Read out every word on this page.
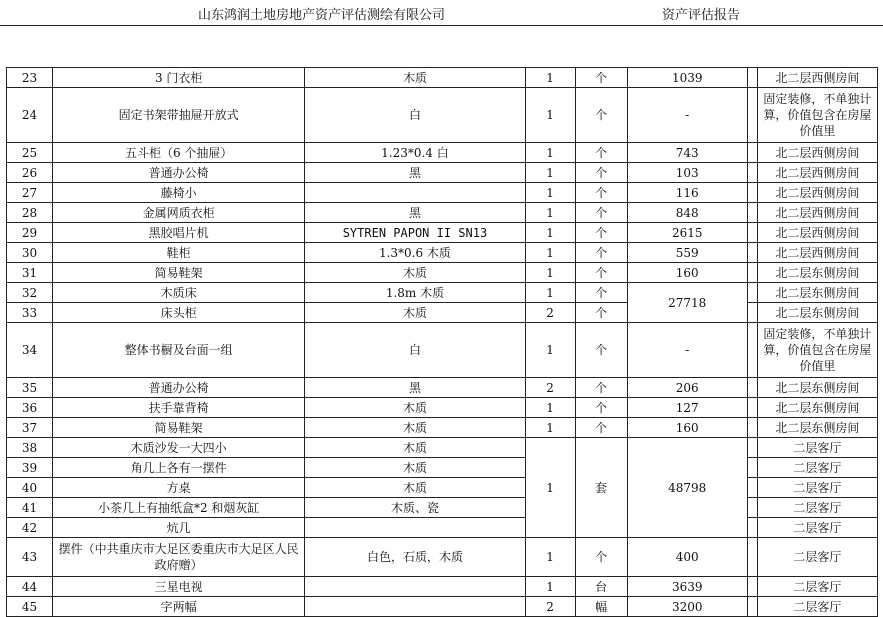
山东鸿润土地房地产资产评估测绘有限公司	资产评估报告
23	3 门衣柜	木质	1	个	1039		北二层西侧房间
24	固定书架带抽屉开放式	白	1	个	-		固定装修，不单独计算，价值包含在房屋价值里
25	五斗柜（6 个抽屉）	1.23*0.4 白	1	个	743		北二层西侧房间
26	普通办公椅	黑	1	个	103		北二层西侧房间
27	藤椅小		1	个	116		北二层西侧房间
28	金属网质衣柜	黑	1	个	848		北二层西侧房间
29	黑胶唱片机	SYTREN PAPON II SN13	1	个	2615		北二层西侧房间
30	鞋柜	1.3*0.6 木质	1	个	559		北二层西侧房间
31	简易鞋架	木质	1	个	160		北二层东侧房间
32	木质床	1.8m 木质	1	个	27718		北二层东侧房间
33	床头柜	木质	2	个			北二层东侧房间
34	整体书橱及台面一组	白	1	个	-		固定装修，不单独计算，价值包含在房屋价值里
35	普通办公椅	黑	2	个	206		北二层东侧房间
36	扶手靠背椅	木质	1	个	127		北二层东侧房间
37	简易鞋架	木质	1	个	160		北二层东侧房间
38	木质沙发一大四小	木质	1	套	48798		二层客厅
39	角几上各有一摆件	木质					二层客厅
40	方桌	木质					二层客厅
41	小茶几上有抽纸盒*2 和烟灰缸	木质、瓷					二层客厅
42	炕几						二层客厅
43	摆件（中共重庆市大足区委重庆市大足区人民政府赠）	白色，石质，木质	1	个	400		二层客厅
44	三星电视		1	台	3639		二层客厅
45	字两幅		2	幅	3200		二层客厅
